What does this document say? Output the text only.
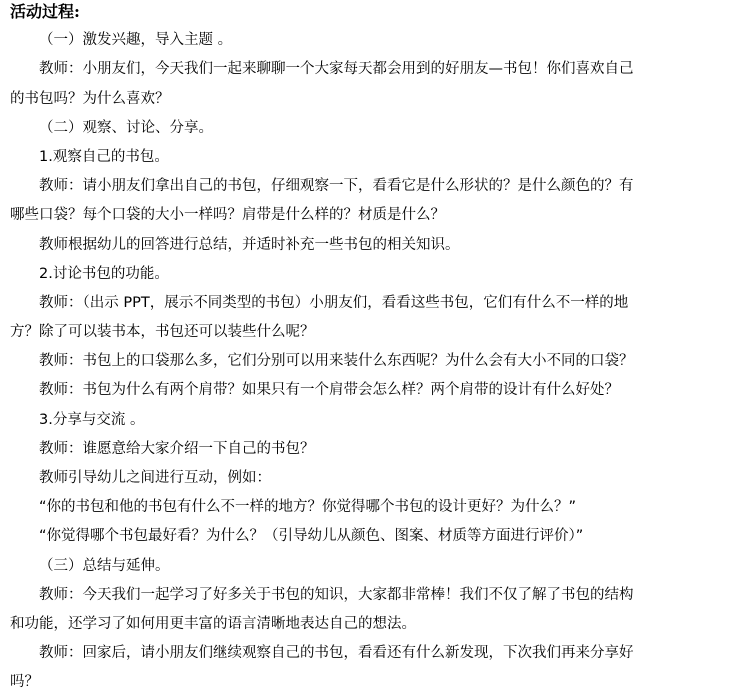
活动过程:
（一）激发兴趣，导入主题 。
教师：小朋友们，今天我们一起来聊聊一个大家每天都会用到的好朋友—书包！你们喜欢自己
的书包吗？为什么喜欢？
（二）观察、讨论、分享。
1.观察自己的书包。
教师：请小朋友们拿出自己的书包，仔细观察一下，看看它是什么形状的？是什么颜色的？有
哪些口袋？每个口袋的大小一样吗？肩带是什么样的？材质是什么？
教师根据幼儿的回答进行总结，并适时补充一些书包的相关知识。
2.讨论书包的功能。
教师：（出示 PPT，展示不同类型的书包）小朋友们，看看这些书包，它们有什么不一样的地
方？除了可以装书本，书包还可以装些什么呢？
教师：书包上的口袋那么多，它们分别可以用来装什么东西呢？为什么会有大小不同的口袋？
教师：书包为什么有两个肩带？如果只有一个肩带会怎么样？两个肩带的设计有什么好处？
3.分享与交流 。
教师：谁愿意给大家介绍一下自己的书包？
教师引导幼儿之间进行互动，例如：
“你的书包和他的书包有什么不一样的地方？你觉得哪个书包的设计更好？为什么？”
“你觉得哪个书包最好看？为什么？（引导幼儿从颜色、图案、材质等方面进行评价）”
（三）总结与延伸。
教师：今天我们一起学习了好多关于书包的知识，大家都非常棒！我们不仅了解了书包的结构
和功能，还学习了如何用更丰富的语言清晰地表达自己的想法。
教师：回家后，请小朋友们继续观察自己的书包，看看还有什么新发现，下次我们再来分享好
吗？
